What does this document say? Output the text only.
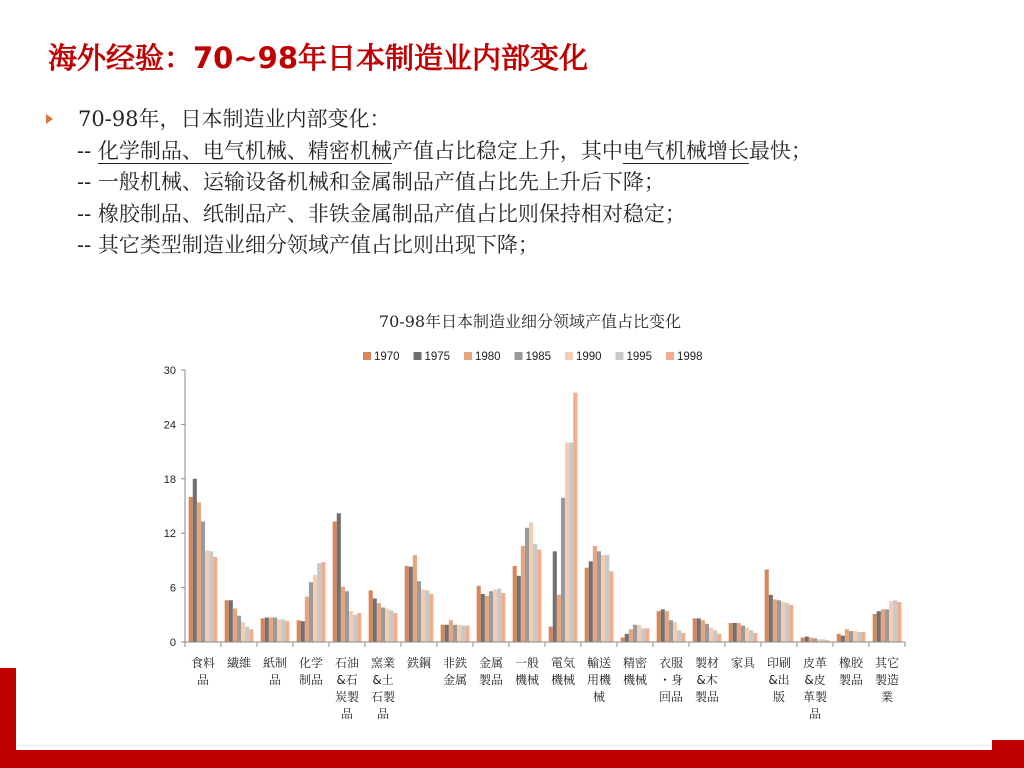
海外经验：70~98年日本制造业内部变化
70-98年，日本制造业内部变化：
-- 化学制品、电气机械、精密机械产值占比稳定上升，其中电气机械增长最快；
-- 一般机械、运输设备机械和金属制品产值占比先上升后下降；
-- 橡胶制品、纸制品产、非铁金属制品产值占比则保持相对稳定；
-- 其它类型制造业细分领域产值占比则出现下降；
70-98年日本制造业细分领域产值占比变化
1970 1975 1980 1985 1990 1995 1998
0
6
12
18
24
30
食料
品
繊維 紙制
品
化学
制品
石油
&石
炭製
品
窯業
&土
石製
品
鉄鋼 非鉄
金属
金属
製品
一般
機械
電気
機械
輸送
用機
械
精密
機械
衣服
・身
回品
製材
&木
製品
家具 印刷
&出
版
皮革
&皮
革製
品
橡胶
製品
其它
製造
業
